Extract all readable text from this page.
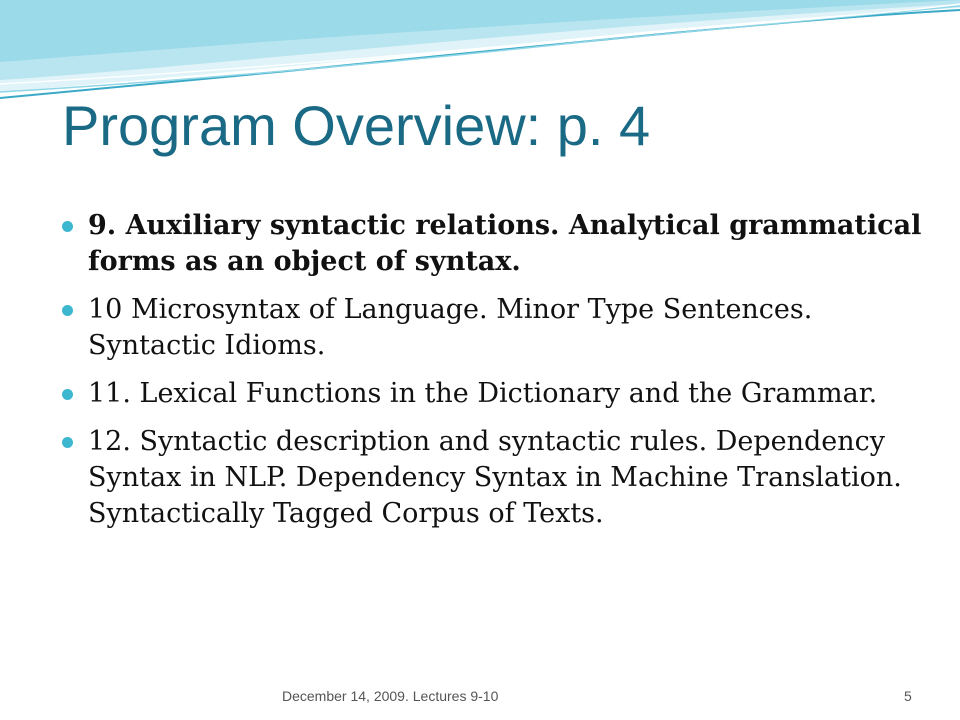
Program Overview: p. 4
9. Auxiliary syntactic relations. Analytical grammatical forms as an object of syntax.
10 Microsyntax of Language. Minor Type Sentences. Syntactic Idioms.
11. Lexical Functions in the Dictionary and the Grammar.
12. Syntactic description and syntactic rules. Dependency Syntax in NLP. Dependency Syntax in Machine Translation. Syntactically Tagged Corpus of Texts.
December 14, 2009. Lectures 9-10	5
